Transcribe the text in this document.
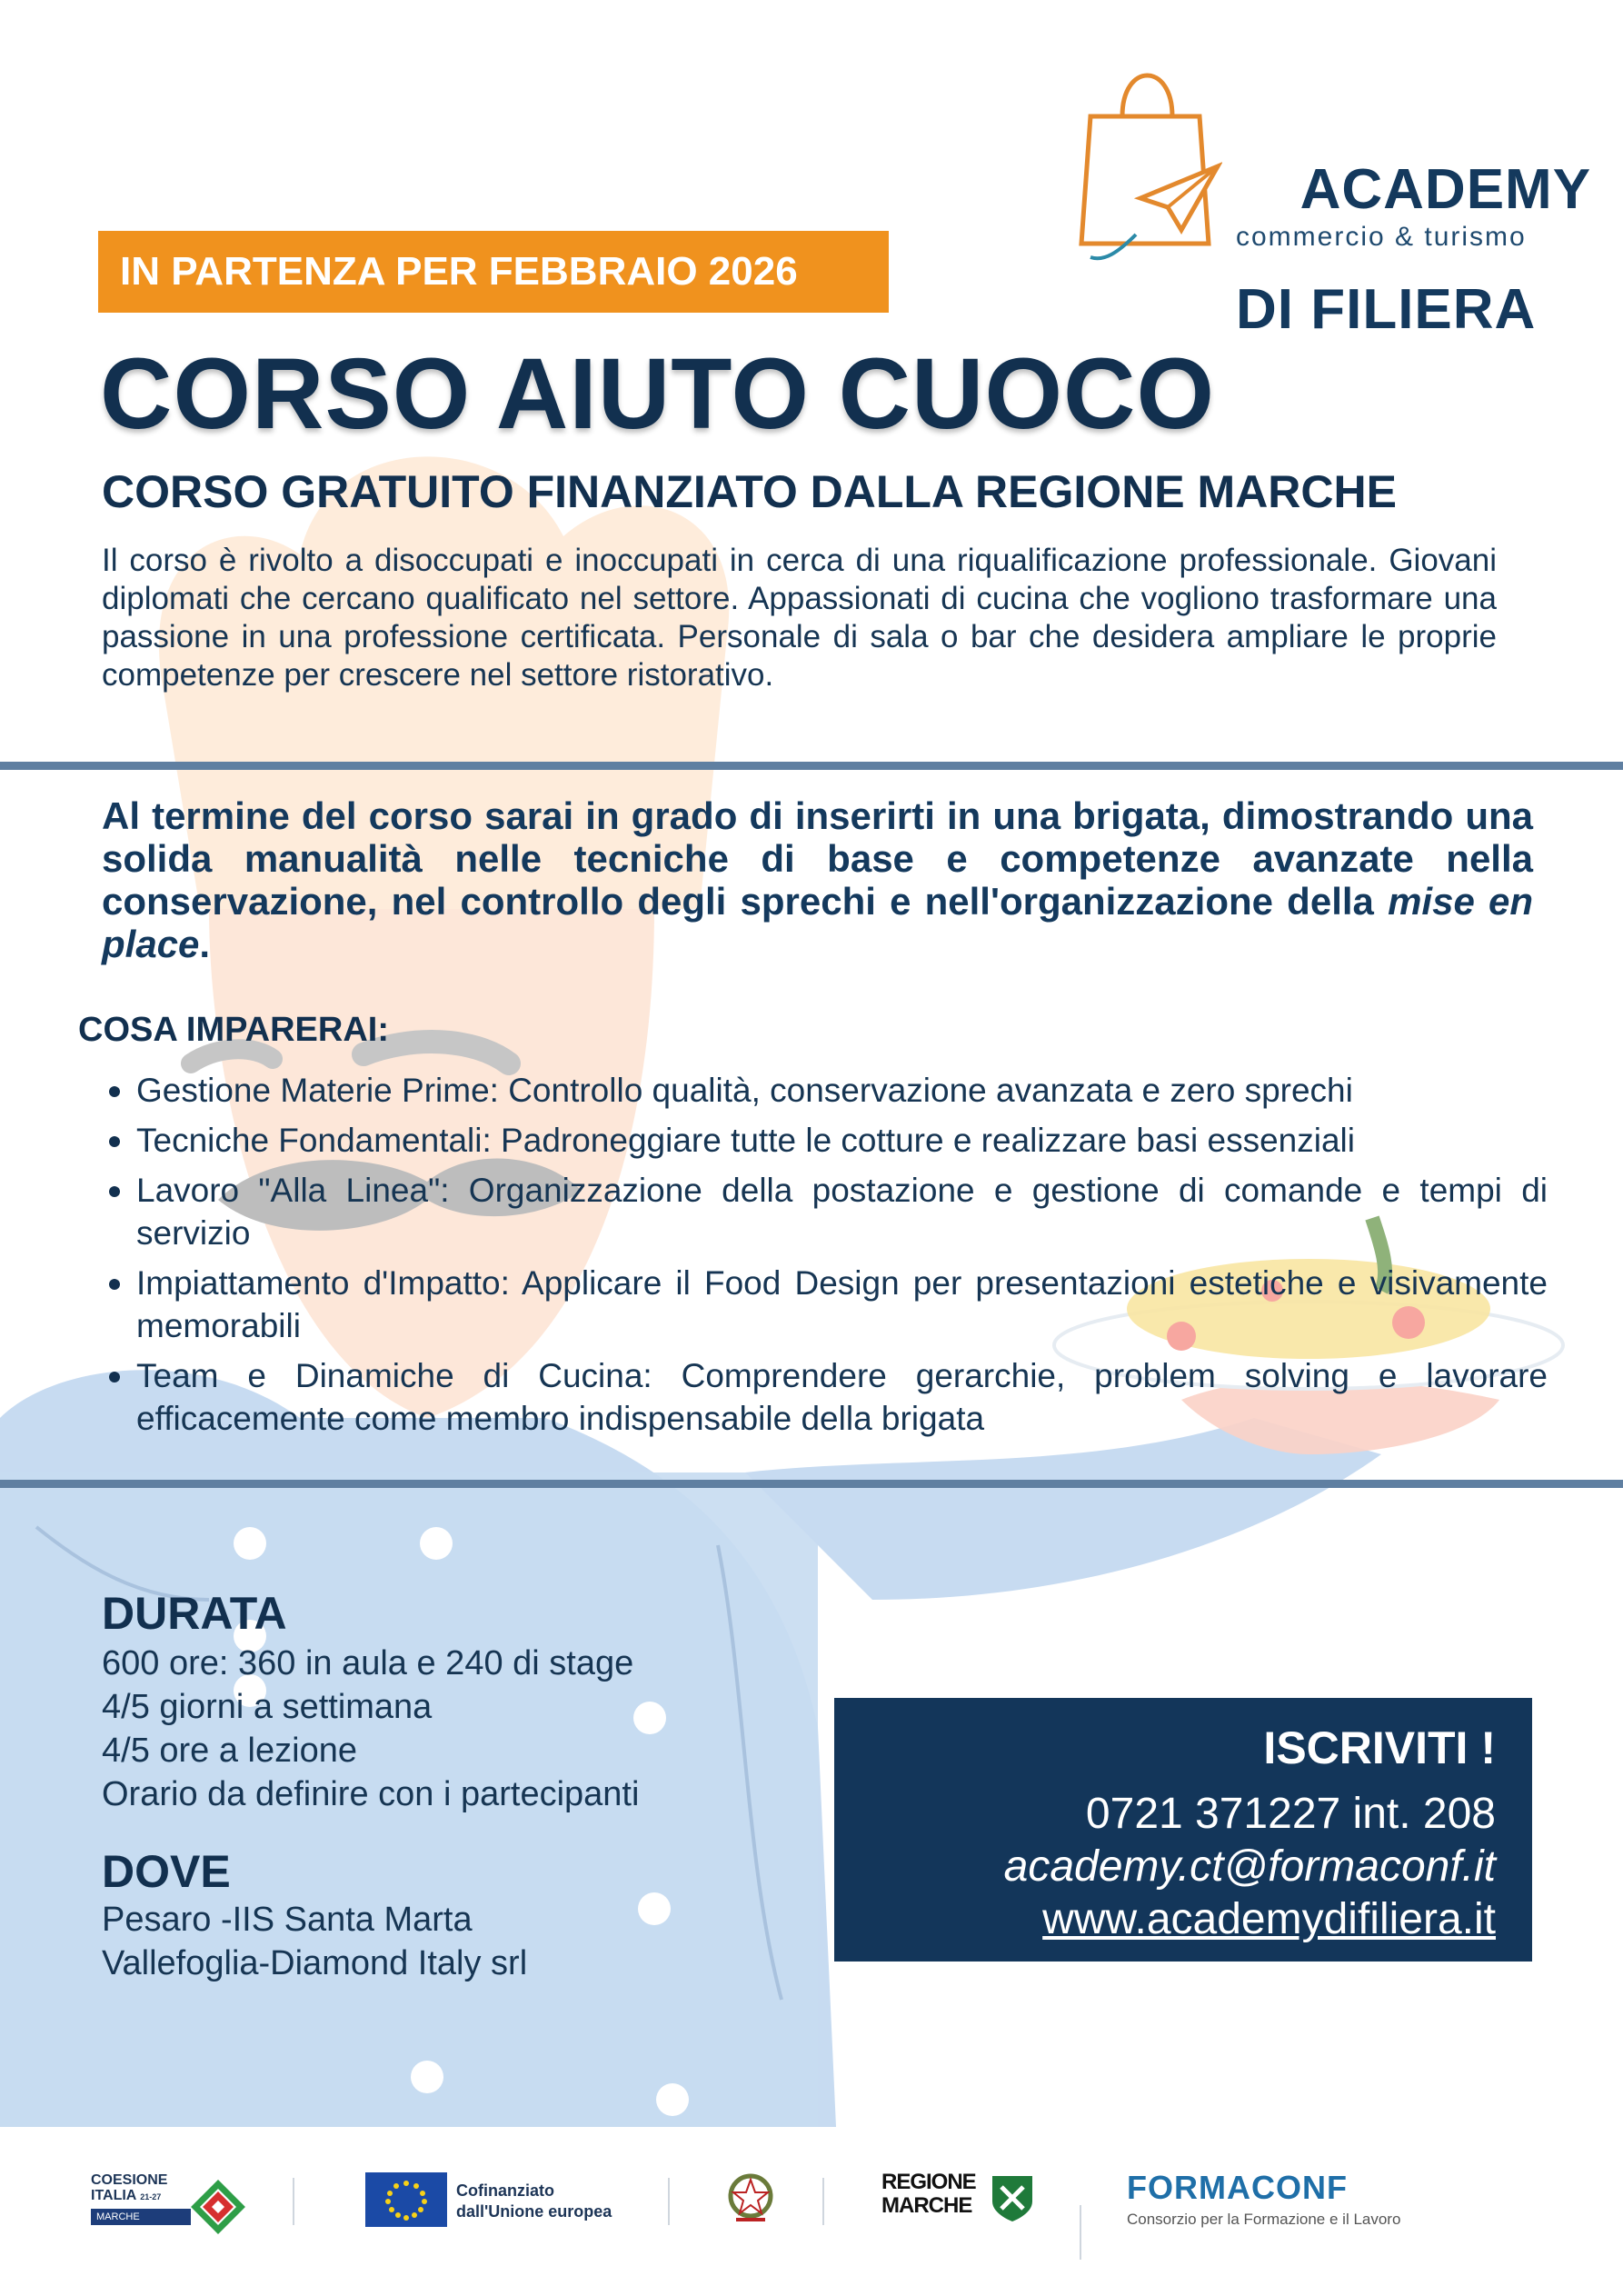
ACADEMY

DI FILIERA

commercio & turismo
IN PARTENZA PER FEBBRAIO 2026
CORSO AIUTO CUOCO
CORSO GRATUITO FINANZIATO DALLA REGIONE MARCHE
Il corso è rivolto a disoccupati e inoccupati in cerca di una riqualificazione professionale. Giovani diplomati che cercano qualificato nel settore. Appassionati di cucina che vogliono trasformare una passione in una professione certificata. Personale di sala o bar che desidera ampliare le proprie competenze per crescere nel settore ristorativo.
Al termine del corso sarai in grado di inserirti in una brigata, dimostrando una solida manualità nelle tecniche di base e competenze avanzate nella conservazione, nel controllo degli sprechi e nell'organizzazione della mise en place.
COSA IMPARERAI:
Gestione Materie Prime: Controllo qualità, conservazione avanzata e zero sprechi
Tecniche Fondamentali: Padroneggiare tutte le cotture e realizzare basi essenziali
Lavoro "Alla Linea": Organizzazione della postazione e gestione di comande e tempi di servizio
Impiattamento d'Impatto: Applicare il Food Design per presentazioni estetiche e visivamente memorabili
Team e Dinamiche di Cucina: Comprendere gerarchie, problem solving e lavorare efficacemente come membro indispensabile della brigata
DURATA
600 ore: 360 in aula e 240 di stage
4/5 giorni a settimana
4/5 ore a lezione
Orario da definire con i partecipanti
DOVE
Pesaro -IIS Santa Marta
Vallefoglia-Diamond Italy srl
ISCRIVITI !
0721 371227 int. 208
academy.ct@formaconf.it
www.academydifiliera.it
COESIONE
ITALIA 21-27
MARCHE
Cofinanziato
dall'Unione europea
REGIONE
MARCHE	FORMACONF
Consorzio per la Formazione e il Lavoro
